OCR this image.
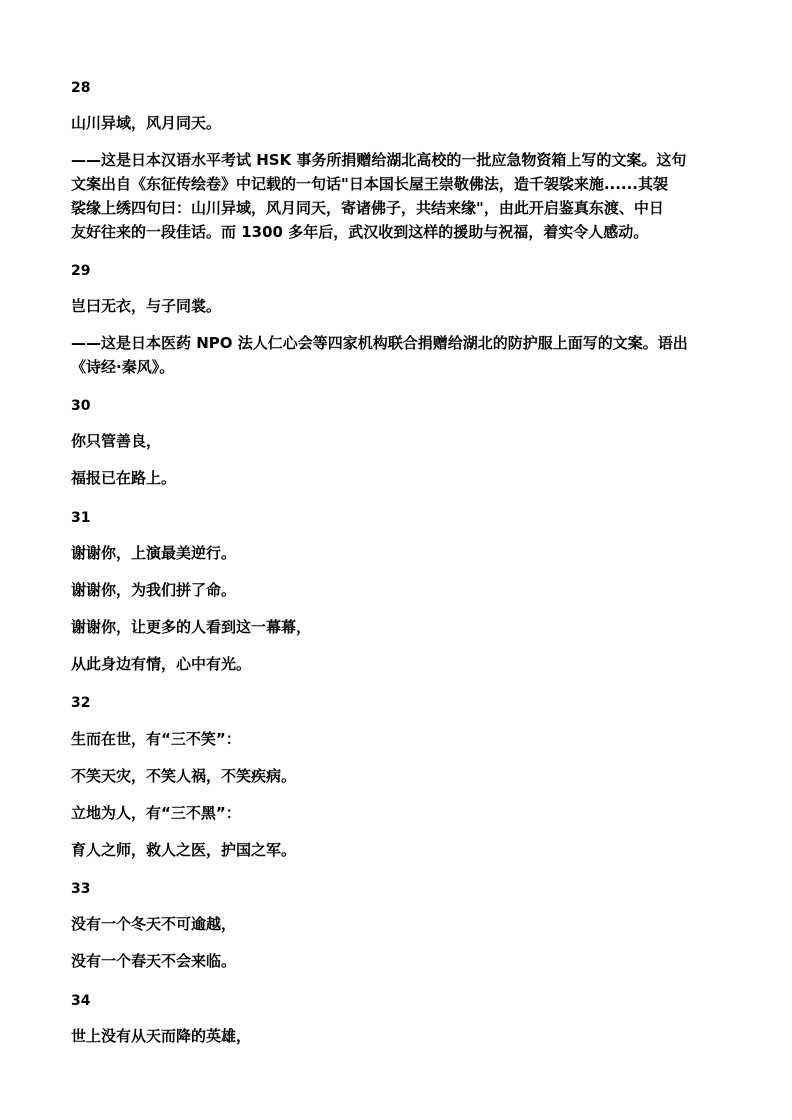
28
山川异域，风月同天。
——这是日本汉语水平考试 HSK 事务所捐赠给湖北高校的一批应急物资箱上写的文案。这句
文案出自《东征传绘卷》中记载的一句话"日本国长屋王崇敬佛法，造千袈裟来施......其袈
裟缘上绣四句曰：山川异域，风月同天，寄诸佛子，共结来缘"，由此开启鉴真东渡、中日
友好往来的一段佳话。而 1300 多年后，武汉收到这样的援助与祝福，着实令人感动。
29
岂曰无衣，与子同裳。
——这是日本医药 NPO 法人仁心会等四家机构联合捐赠给湖北的防护服上面写的文案。语出
《诗经·秦风》。
30
你只管善良，
福报已在路上。
31
谢谢你，上演最美逆行。
谢谢你，为我们拼了命。
谢谢你，让更多的人看到这一幕幕，
从此身边有情，心中有光。
32
生而在世，有“三不笑”：
不笑天灾，不笑人祸，不笑疾病。
立地为人，有“三不黑”：
育人之师，救人之医，护国之军。
33
没有一个冬天不可逾越，
没有一个春天不会来临。
34
世上没有从天而降的英雄，
